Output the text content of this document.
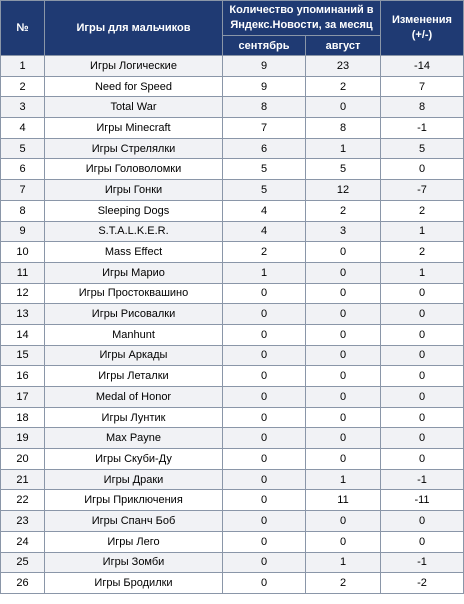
№	Игры для мальчиков	Количество упоминаний в Яндекс.Новости, за месяц		Изменения (+/-)
		сентябрь	август	
1	Игры Логические	9	23	-14
2	Need for Speed	9	2	7
3	Total War	8	0	8
4	Игры Minecraft	7	8	-1
5	Игры Стрелялки	6	1	5
6	Игры Головоломки	5	5	0
7	Игры Гонки	5	12	-7
8	Sleeping Dogs	4	2	2
9	S.T.A.L.K.E.R.	4	3	1
10	Mass Effect	2	0	2
11	Игры Марио	1	0	1
12	Игры Простоквашино	0	0	0
13	Игры Рисовалки	0	0	0
14	Manhunt	0	0	0
15	Игры Аркады	0	0	0
16	Игры Леталки	0	0	0
17	Medal of Honor	0	0	0
18	Игры Лунтик	0	0	0
19	Max Payne	0	0	0
20	Игры Скуби-Ду	0	0	0
21	Игры Драки	0	1	-1
22	Игры Приключения	0	11	-11
23	Игры Спанч Боб	0	0	0
24	Игры Лего	0	0	0
25	Игры Зомби	0	1	-1
26	Игры Бродилки	0	2	-2
